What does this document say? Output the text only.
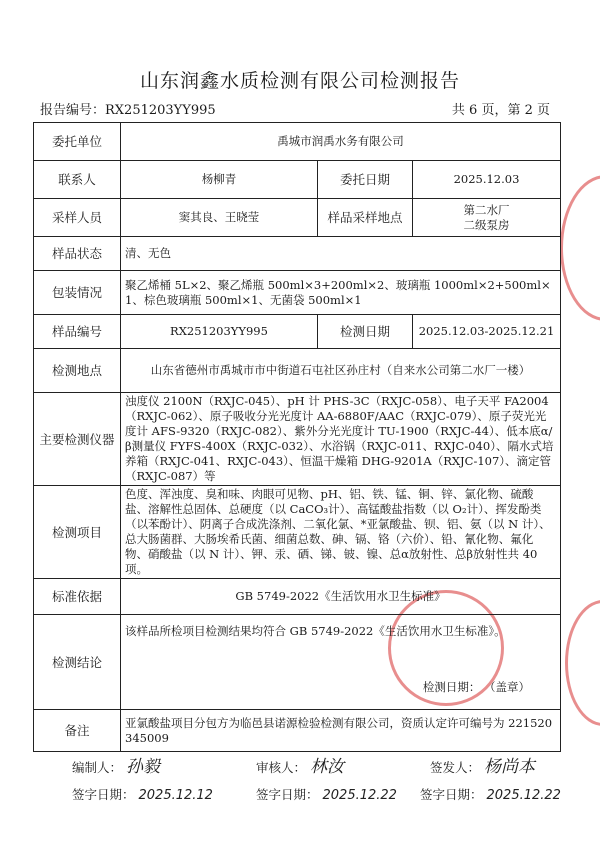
山东润鑫水质检测有限公司检测报告
报告编号：RX251203YY995	共 6 页，第 2 页
委托单位	禹城市润禹水务有限公司		
联系人	杨柳青	委托日期	2025.12.03
采样人员	窦其良、王晓莹	样品采样地点	第二水厂
二级泵房

样品状态	清、无色		
包装情况	聚乙烯桶 5L×2、聚乙烯瓶 500ml×3+200ml×2、玻璃瓶 1000ml×2+500ml×1、棕色玻璃瓶 500ml×1、无菌袋 500ml×1		
样品编号	RX251203YY995	检测日期	2025.12.03-2025.12.21
检测地点	山东省德州市禹城市市中街道石屯社区孙庄村（自来水公司第二水厂一楼）		
主要检测仪器	浊度仪 2100N（RXJC-045）、pH 计 PHS-3C（RXJC-058）、电子天平 FA2004（RXJC-062）、原子吸收分光光度计 AA-6880F/AAC（RXJC-079）、原子荧光光度计 AFS-9320（RXJC-082）、紫外分光光度计 TU-1900（RXJC-44）、低本底α/β测量仪 FYFS-400X（RXJC-032）、水浴锅（RXJC-011、RXJC-040）、隔水式培养箱（RXJC-041、RXJC-043）、恒温干燥箱 DHG-9201A（RXJC-107）、滴定管（RXJC-087）等		
检测项目	色度、浑浊度、臭和味、肉眼可见物、pH、铝、铁、锰、铜、锌、氯化物、硫酸盐、溶解性总固体、总硬度（以 CaCO₃计）、高锰酸盐指数（以 O₂计）、挥发酚类（以苯酚计）、阴离子合成洗涤剂、二氧化氯、*亚氯酸盐、钡、铝、氨（以 N 计）、总大肠菌群、大肠埃希氏菌、细菌总数、砷、镉、铬（六价）、铅、氰化物、氟化物、硝酸盐（以 N 计）、钾、汞、硒、锑、铍、镍、总α放射性、总β放射性共 40 项。		
标准依据	GB 5749-2022《生活饮用水卫生标准》		
检测结论	该样品所检项目检测结果均符合 GB 5749-2022《生活饮用水卫生标准》。
检测日期： （盖章）		

备注	亚氯酸盐项目分包方为临邑县诺源检验检测有限公司，资质认定许可编号为 221520345009		
编制人： 孙毅	审核人： 林汝	签发人： 杨尚本
签字日期： 2025.12.12	签字日期： 2025.12.22 签字日期： 2025.12.22
